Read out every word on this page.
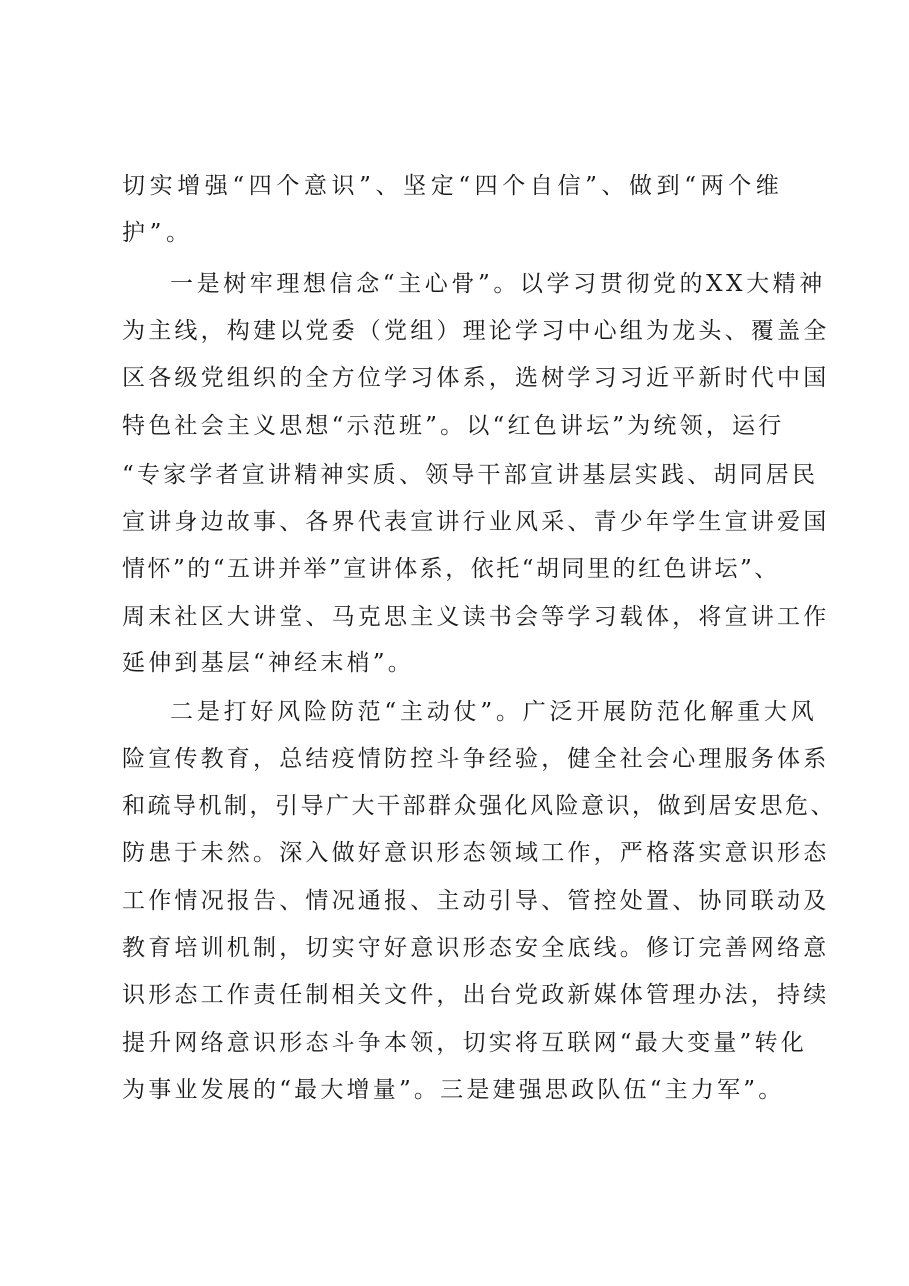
切实增强“四个意识”、坚定“四个自信”、做到“两个维
护”。
一是树牢理想信念“主心骨”。以学习贯彻党的XX大精神
为主线，构建以党委（党组）理论学习中心组为龙头、覆盖全
区各级党组织的全方位学习体系，选树学习习近平新时代中国
特色社会主义思想“示范班”。以“红色讲坛”为统领，运行
“专家学者宣讲精神实质、领导干部宣讲基层实践、胡同居民
宣讲身边故事、各界代表宣讲行业风采、青少年学生宣讲爱国
情怀”的“五讲并举”宣讲体系，依托“胡同里的红色讲坛”、
周末社区大讲堂、马克思主义读书会等学习载体，将宣讲工作
延伸到基层“神经末梢”。
二是打好风险防范“主动仗”。广泛开展防范化解重大风
险宣传教育，总结疫情防控斗争经验，健全社会心理服务体系
和疏导机制，引导广大干部群众强化风险意识，做到居安思危、
防患于未然。深入做好意识形态领域工作，严格落实意识形态
工作情况报告、情况通报、主动引导、管控处置、协同联动及
教育培训机制，切实守好意识形态安全底线。修订完善网络意
识形态工作责任制相关文件，出台党政新媒体管理办法，持续
提升网络意识形态斗争本领，切实将互联网“最大变量”转化
为事业发展的“最大增量”。三是建强思政队伍“主力军”。
